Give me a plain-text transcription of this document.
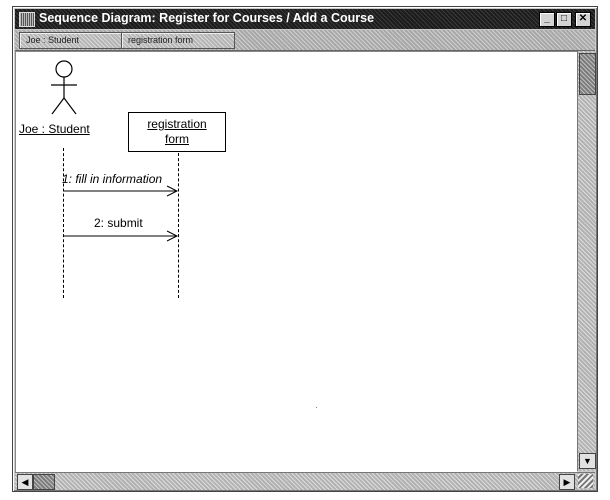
Sequence Diagram: Register for Courses / Add a Course	_	□	✕
Joe : Student	registration form
Joe : Student	registration
form
1: fill in information
2: submit
▼
◀	▶
